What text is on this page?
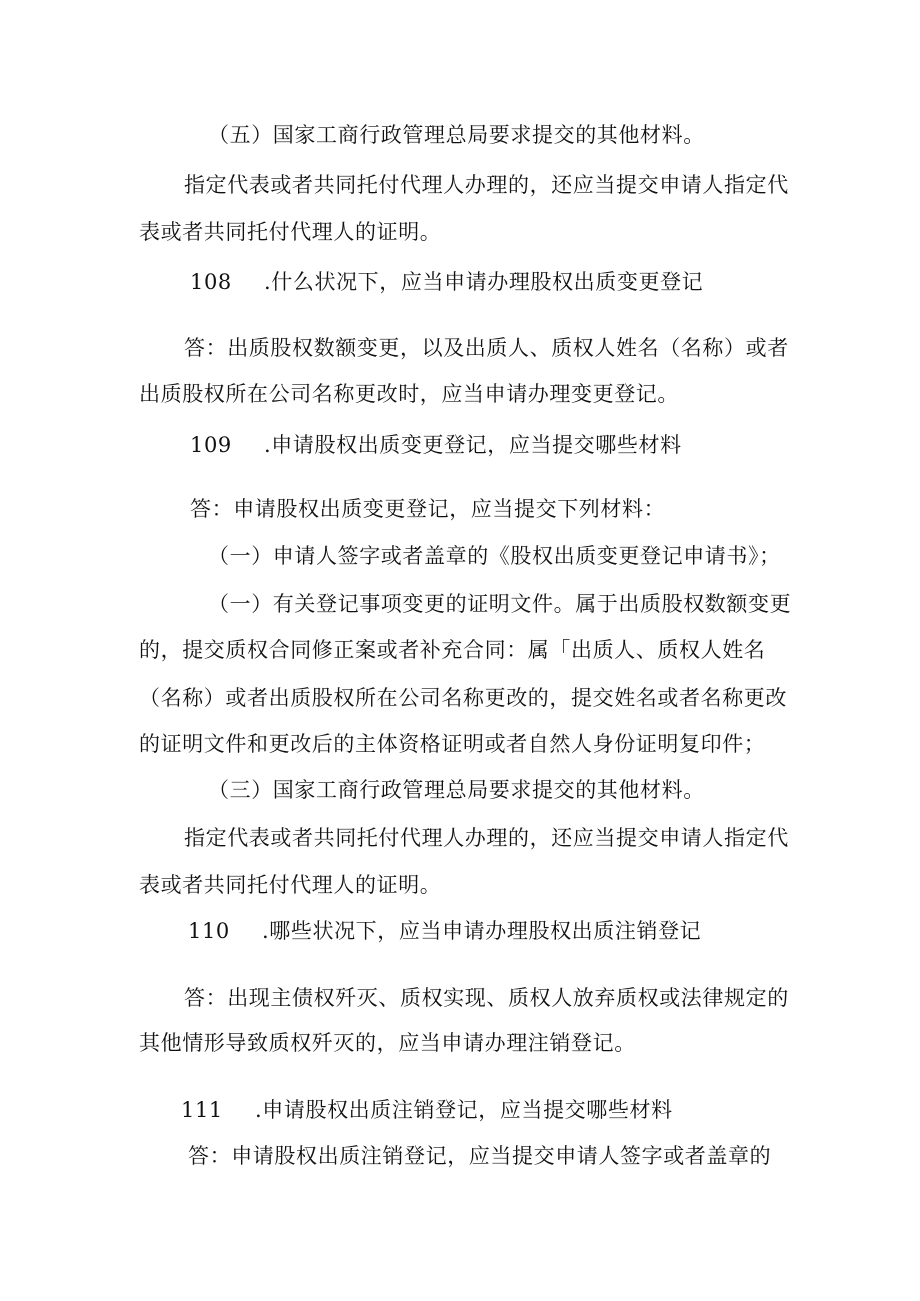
（五）国家工商行政管理总局要求提交的其他材料。
指定代表或者共同托付代理人办理的，还应当提交申请人指定代
表或者共同托付代理人的证明。
108 .什么状况下，应当申请办理股权出质变更登记
答：出质股权数额变更，以及出质人、质权人姓名（名称）或者
出质股权所在公司名称更改时，应当申请办理变更登记。
109 .申请股权出质变更登记，应当提交哪些材料
答：申请股权出质变更登记，应当提交下列材料：
（一）申请人签字或者盖章的《股权出质变更登记申请书》；
（一）有关登记事项变更的证明文件。属于出质股权数额变更
的，提交质权合同修正案或者补充合同：属「出质人、质权人姓名
（名称）或者出质股权所在公司名称更改的，提交姓名或者名称更改
的证明文件和更改后的主体资格证明或者自然人身份证明复印件；
（三）国家工商行政管理总局要求提交的其他材料。
指定代表或者共同托付代理人办理的，还应当提交申请人指定代
表或者共同托付代理人的证明。
110 .哪些状况下，应当申请办理股权出质注销登记
答：出现主债权歼灭、质权实现、质权人放弃质权或法律规定的
其他情形导致质权歼灭的，应当申请办理注销登记。
111 .申请股权出质注销登记，应当提交哪些材料
答：申请股权出质注销登记，应当提交申请人签字或者盖章的
